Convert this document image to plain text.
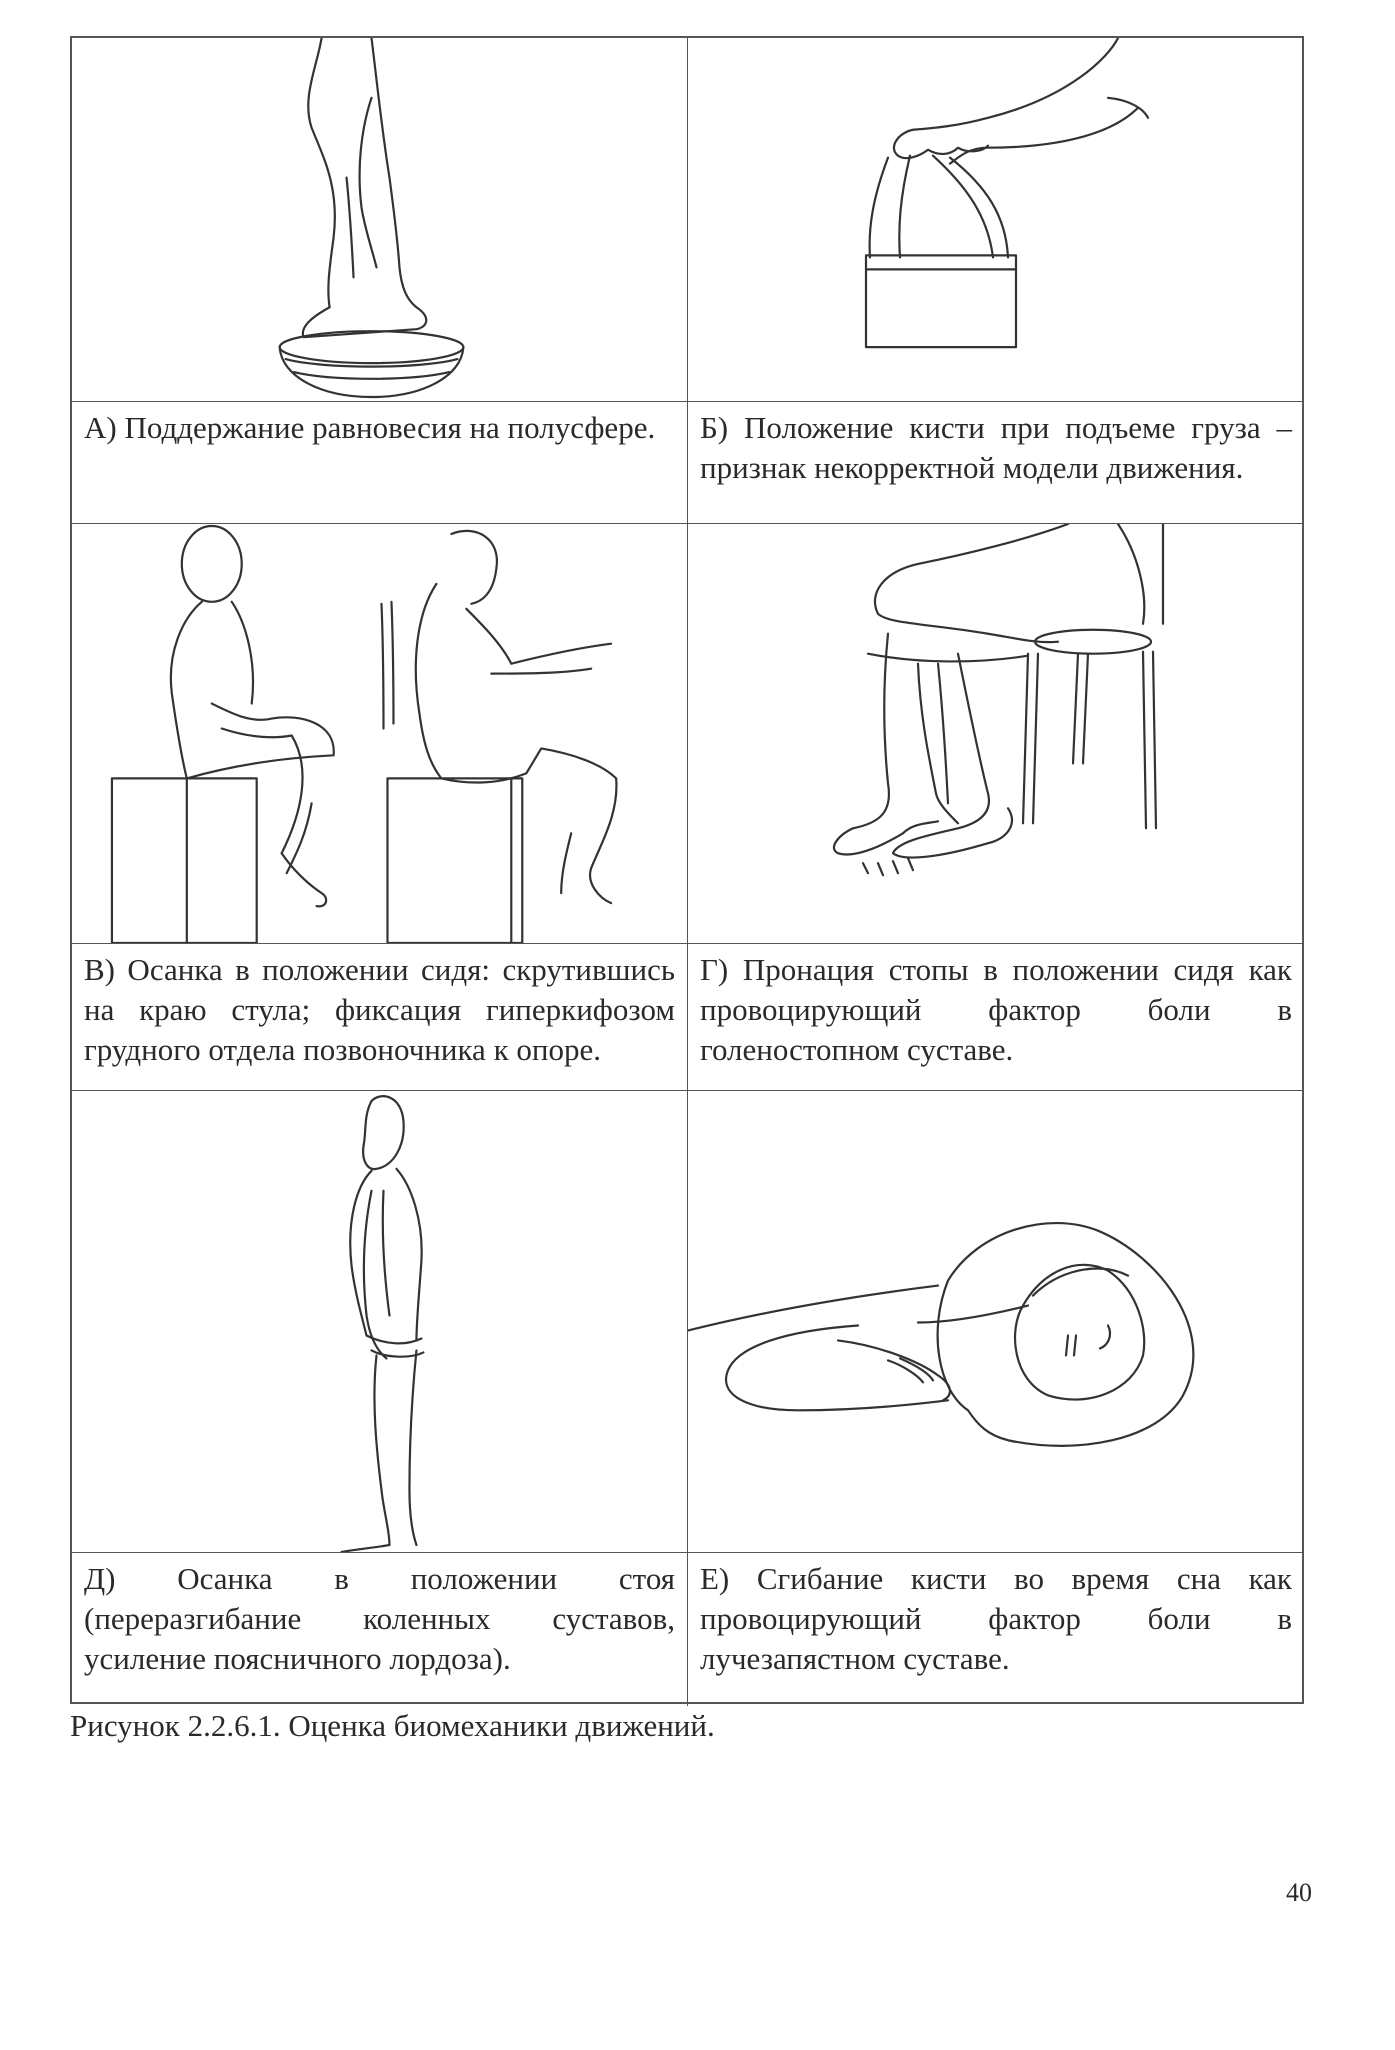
А) Поддержание равновесия на полусфере.	Б) Положение кисти при подъеме груза – признак некорректной модели движения.
В) Осанка в положении сидя: скрутившись на краю стула; фиксация гиперкифозом грудного отдела позвоночника к опоре.
Г) Пронация стопы в положении сидя как провоцирующий фактор боли в голеностопном суставе.
Д) Осанка в положении стоя (переразгибание коленных суставов, усиление поясничного лордоза).
Е) Сгибание кисти во время сна как провоцирующий фактор боли в лучезапястном суставе.
Рисунок 2.2.6.1. Оценка биомеханики движений.
40
